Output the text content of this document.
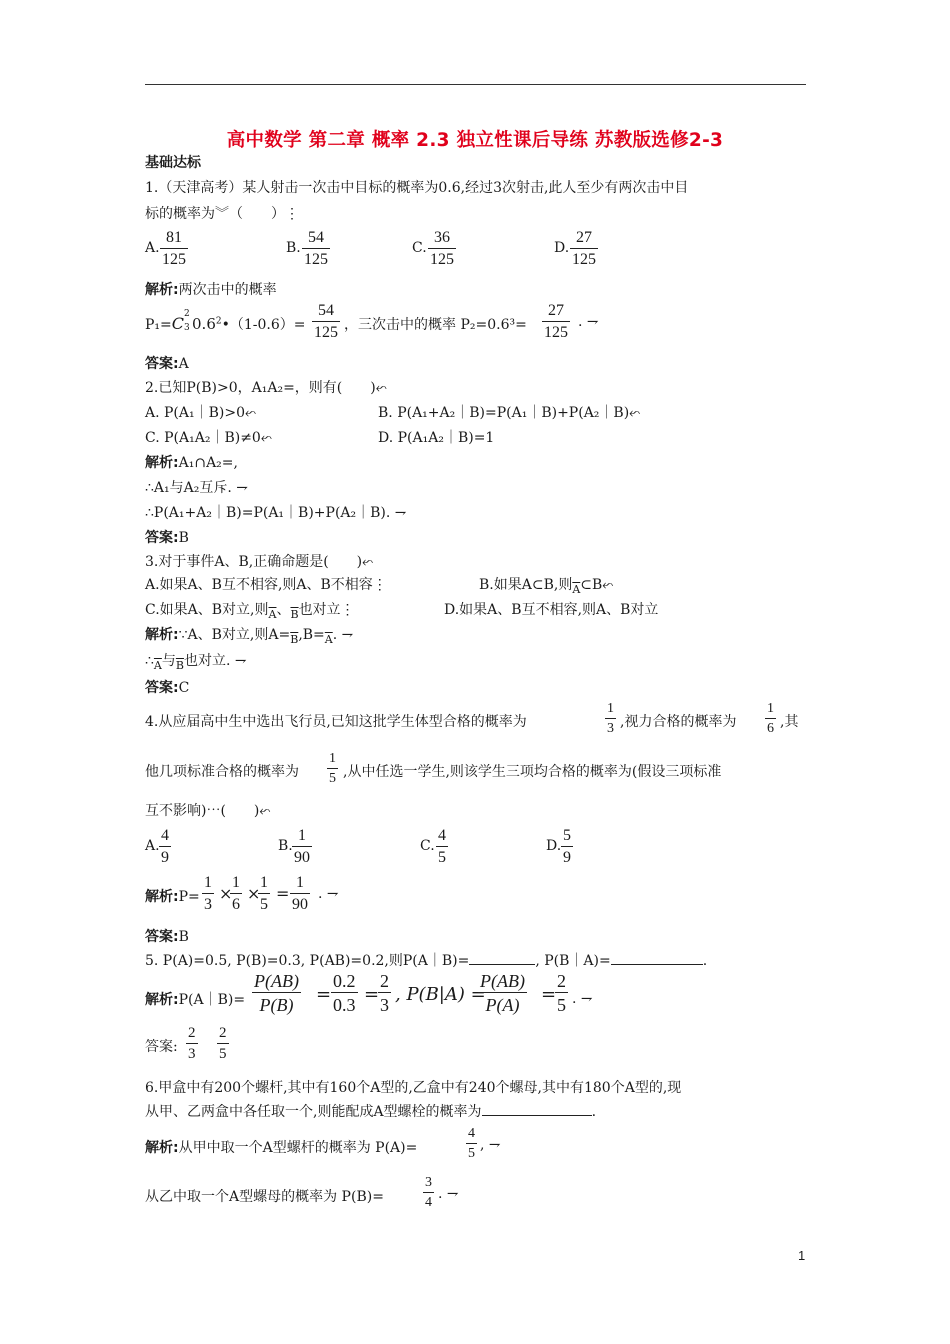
高中数学 第二章 概率 2.3 独立性课后导练 苏教版选修2-3
基础达标
1.（天津高考）某人射击一次击中目标的概率为0.6,经过3次射击,此人至少有两次击中目
标的概率为︾（　　）⋮
A.
81
125
B.
54
125
C.
36
125
D.
27
125
解析:两次击中的概率
P₁=C 2
3 $0.6^2•(1-0.6)=$
54
125 ，三次击中的概率 P₂=0.6³=
27
125
. ⇁
答案:A
2.已知P(B)>0，A₁A₂=，则有(　　)⬿
A. P(A₁｜B)>0⬿	B. P(A₁+A₂｜B)=P(A₁｜B)+P(A₂｜B)⬿
C. P(A₁A₂｜B)≠0⬿	D. P(A₁A₂｜B)=1
解析:A₁∩A₂=,
∴A₁与A₂互斥. ⇁
∴P(A₁+A₂｜B)=P(A₁｜B)+P(A₂｜B). ⇁
答案:B
3.对于事件A、B,正确命题是(　　)⬿
A.如果A、B互不相容,则A、B不相容⋮	B.如果A⊂B,则$_{\overline{A}}$⊂B⬿
C.如果A、B对立,则$_{\overline{A}}$、$_{\overline{B}}$也对立⋮	D.如果A、B互不相容,则A、B对立
解析:∵A、B对立,则$A=_{\overline{B}},B=_{\overline{A}}$. ⇁
$\therefore_{\overline{A}}$与$_{\overline{B}}$也对立. ⇁
答案:C
4.从应届高中生中选出飞行员,已知这批学生体型合格的概率为
1
3 ,视力合格的概率为
1
6 ,其
他几项标准合格的概率为
1
5 ,从中任选一学生,则该学生三项均合格的概率为(假设三项标准
互不影响)⋯(　　)⬿
A.
4
9
B.
1
90
C.
4
5
D.
5
9
解析:P=
1
3
×
1
6
×
1
5
=
1
90
. ⇁
答案:B
5. P(A)=0.5, P(B)=0.3, P(AB)=0.2,则P(A｜B)=	, P(B｜A)=	.
解析:P(A｜B)=
P(AB)
P(B)	=
0.2
0.3 =
2
3 , P(B|A) =
P(AB)
P(A)	=
2
5 . ⇁
答案:
2
3
2
5
6.甲盒中有200个螺杆,其中有160个A型的,乙盒中有240个螺母,其中有180个A型的,现
从甲、乙两盒中各任取一个,则能配成A型螺栓的概率为	.
解析:从甲中取一个A型螺杆的概率为 P(A)=
4
5
, ⇁
从乙中取一个A型螺母的概率为 P(B)=
3
4
. ⇁
1
